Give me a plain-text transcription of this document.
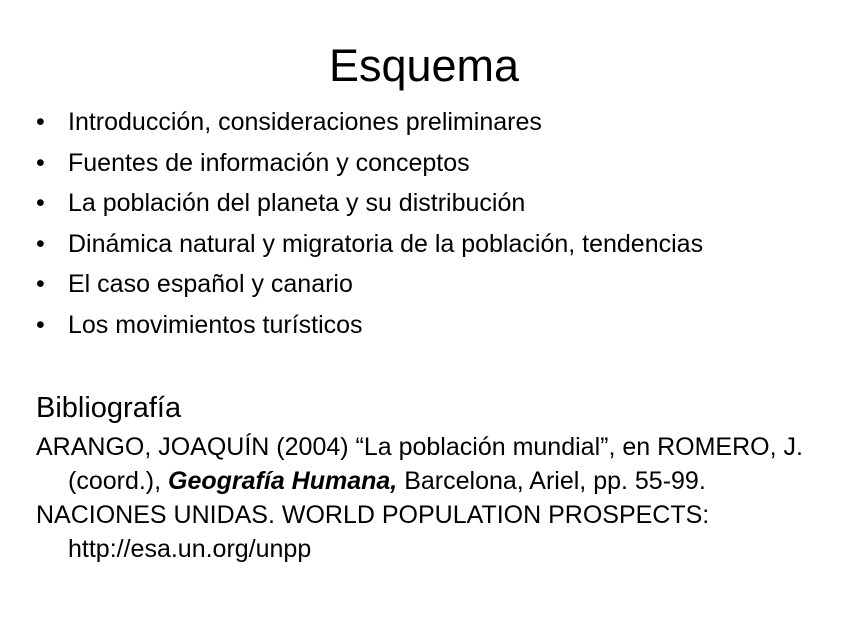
Esquema
• Introducción, consideraciones preliminares
• Fuentes de información y conceptos
• La población del planeta y su distribución
• Dinámica natural y migratoria de la población, tendencias
• El caso español y canario
• Los movimientos turísticos
Bibliografía
ARANGO, JOAQUÍN (2004) “La población mundial”, en ROMERO, J. (coord.), Geografía Humana, Barcelona, Ariel, pp. 55-99.
NACIONES UNIDAS. WORLD POPULATION PROSPECTS: http://esa.un.org/unpp
